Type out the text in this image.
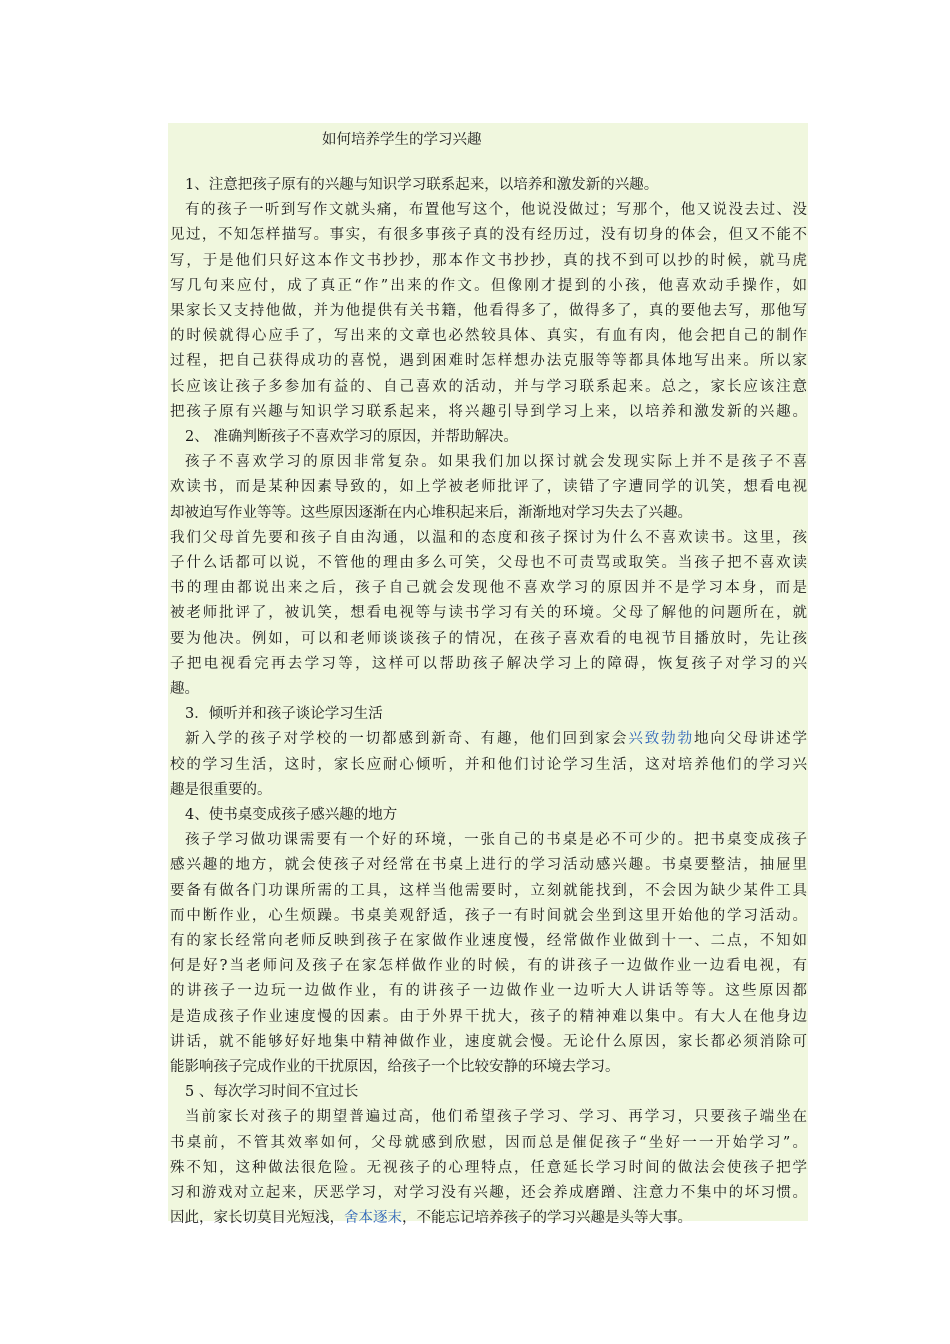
如何培养学生的学习兴趣
1、注意把孩子原有的兴趣与知识学习联系起来，以培养和激发新的兴趣。
有的孩子一听到写作文就头痛，布置他写这个，他说没做过；写那个，他又说没去过、没
见过，不知怎样描写。事实，有很多事孩子真的没有经历过，没有切身的体会，但又不能不
写，于是他们只好这本作文书抄抄，那本作文书抄抄，真的找不到可以抄的时候，就马虎
写几句来应付，成了真正“作”出来的作文。但像刚才提到的小孩，他喜欢动手操作，如
果家长又支持他做，并为他提供有关书籍，他看得多了，做得多了，真的要他去写，那他写
的时候就得心应手了，写出来的文章也必然较具体、真实，有血有肉，他会把自己的制作
过程，把自己获得成功的喜悦，遇到困难时怎样想办法克服等等都具体地写出来。所以家
长应该让孩子多参加有益的、自己喜欢的活动，并与学习联系起来。总之，家长应该注意
把孩子原有兴趣与知识学习联系起来，将兴趣引导到学习上来，以培养和激发新的兴趣。
2、 准确判断孩子不喜欢学习的原因，并帮助解决。
孩子不喜欢学习的原因非常复杂。如果我们加以探讨就会发现实际上并不是孩子不喜
欢读书，而是某种因素导致的，如上学被老师批评了，读错了字遭同学的讥笑，想看电视
却被迫写作业等等。这些原因逐渐在内心堆积起来后，渐渐地对学习失去了兴趣。
我们父母首先要和孩子自由沟通，以温和的态度和孩子探讨为什么不喜欢读书。这里，孩
子什么话都可以说，不管他的理由多么可笑，父母也不可责骂或取笑。当孩子把不喜欢读
书的理由都说出来之后，孩子自己就会发现他不喜欢学习的原因并不是学习本身，而是
被老师批评了，被讥笑，想看电视等与读书学习有关的环境。父母了解他的问题所在，就
要为他决。例如，可以和老师谈谈孩子的情况，在孩子喜欢看的电视节目播放时，先让孩
子把电视看完再去学习等，这样可以帮助孩子解决学习上的障碍，恢复孩子对学习的兴
趣。
3．倾听并和孩子谈论学习生活
新入学的孩子对学校的一切都感到新奇、有趣，他们回到家会兴致勃勃地向父母讲述学
校的学习生活，这时，家长应耐心倾听，并和他们讨论学习生活，这对培养他们的学习兴
趣是很重要的。
4、使书桌变成孩子感兴趣的地方
孩子学习做功课需要有一个好的环境，一张自己的书桌是必不可少的。把书桌变成孩子
感兴趣的地方，就会使孩子对经常在书桌上进行的学习活动感兴趣。书桌要整洁，抽屉里
要备有做各门功课所需的工具，这样当他需要时，立刻就能找到，不会因为缺少某件工具
而中断作业，心生烦躁。书桌美观舒适，孩子一有时间就会坐到这里开始他的学习活动。
有的家长经常向老师反映到孩子在家做作业速度慢，经常做作业做到十一、二点，不知如
何是好?当老师问及孩子在家怎样做作业的时候，有的讲孩子一边做作业一边看电视，有
的讲孩子一边玩一边做作业，有的讲孩子一边做作业一边听大人讲话等等。这些原因都
是造成孩子作业速度慢的因素。由于外界干扰大，孩子的精神难以集中。有大人在他身边
讲话，就不能够好好地集中精神做作业，速度就会慢。无论什么原因，家长都必须消除可
能影响孩子完成作业的干扰原因，给孩子一个比较安静的环境去学习。
5 、每次学习时间不宜过长
当前家长对孩子的期望普遍过高，他们希望孩子学习、学习、再学习，只要孩子端坐在
书桌前，不管其效率如何，父母就感到欣慰，因而总是催促孩子“坐好一一开始学习”。
殊不知，这种做法很危险。无视孩子的心理特点，任意延长学习时间的做法会使孩子把学
习和游戏对立起来，厌恶学习，对学习没有兴趣，还会养成磨蹭、注意力不集中的坏习惯。
因此，家长切莫目光短浅，舍本逐末，不能忘记培养孩子的学习兴趣是头等大事。
